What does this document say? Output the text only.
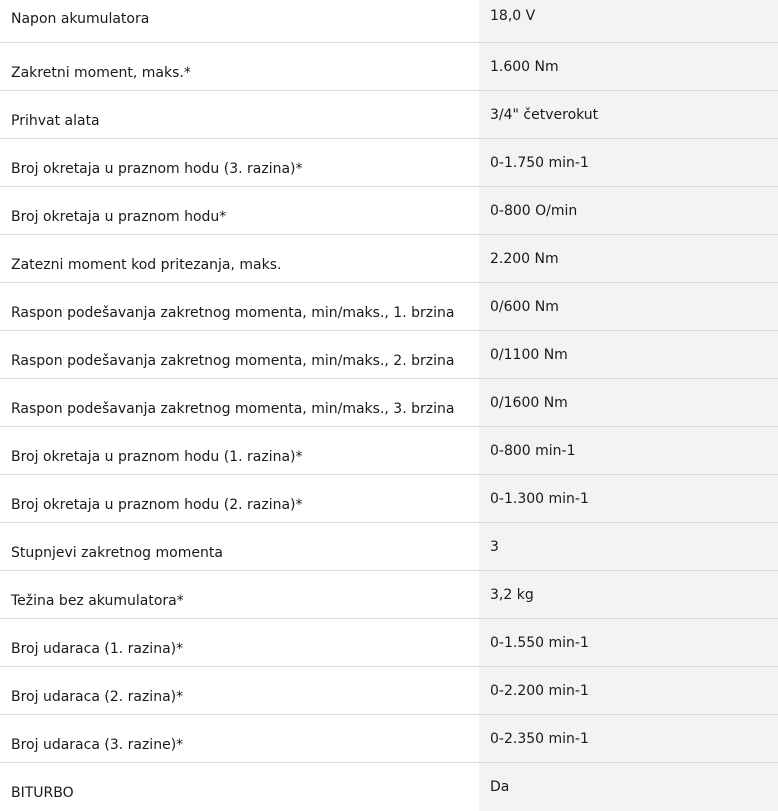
Napon akumulatora	18,0 V
Zakretni moment, maks.*	1.600 Nm
Prihvat alata	3/4" četverokut
Broj okretaja u praznom hodu (3. razina)*	0-1.750 min-1
Broj okretaja u praznom hodu*	0-800 O/min
Zatezni moment kod pritezanja, maks.	2.200 Nm
Raspon podešavanja zakretnog momenta, min/maks., 1. brzina	0/600 Nm
Raspon podešavanja zakretnog momenta, min/maks., 2. brzina	0/1100 Nm
Raspon podešavanja zakretnog momenta, min/maks., 3. brzina	0/1600 Nm
Broj okretaja u praznom hodu (1. razina)*	0-800 min-1
Broj okretaja u praznom hodu (2. razina)*	0-1.300 min-1
Stupnjevi zakretnog momenta	3
Težina bez akumulatora*	3,2 kg
Broj udaraca (1. razina)*	0-1.550 min-1
Broj udaraca (2. razina)*	0-2.200 min-1
Broj udaraca (3. razine)*	0-2.350 min-1
BITURBO	Da
